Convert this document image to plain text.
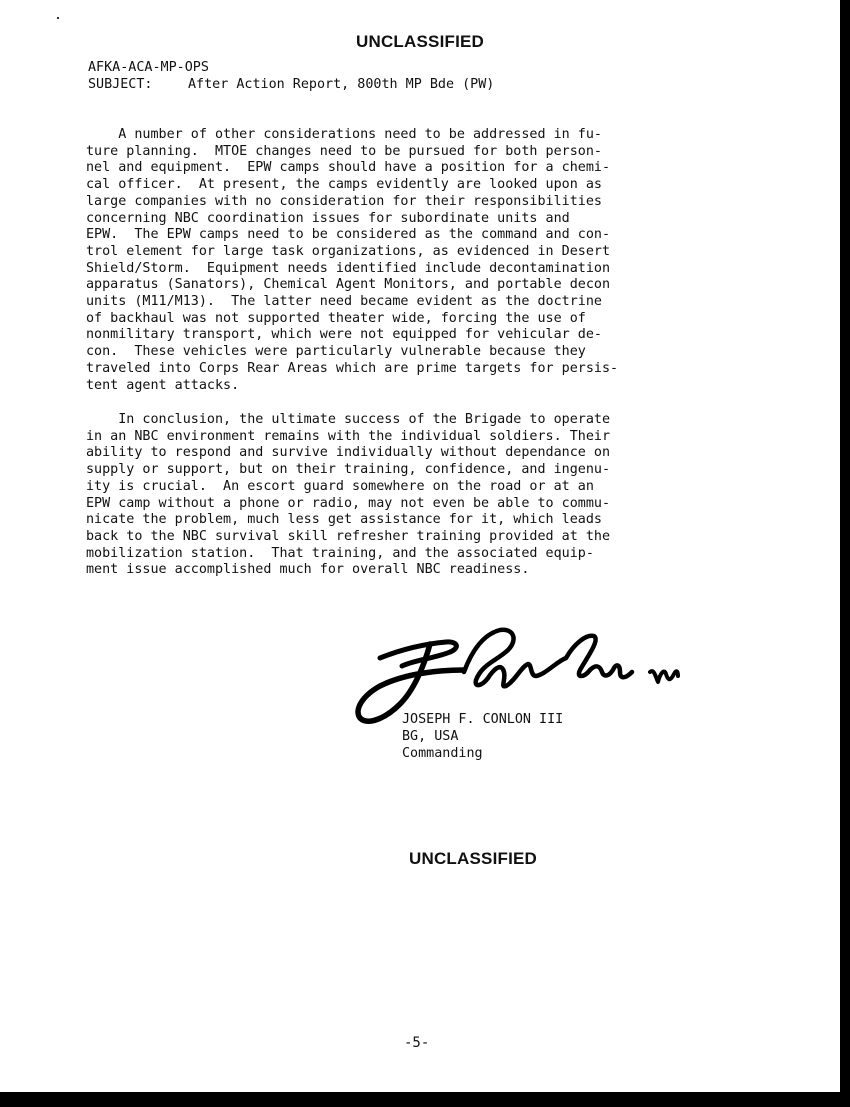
UNCLASSIFIED
AFKA-ACA-MP-OPS
SUBJECT:	After Action Report, 800th MP Bde (PW)
A number of other considerations need to be addressed in fu-
ture planning.  MTOE changes need to be pursued for both person-
nel and equipment.  EPW camps should have a position for a chemi-
cal officer.  At present, the camps evidently are looked upon as
large companies with no consideration for their responsibilities
concerning NBC coordination issues for subordinate units and
EPW.  The EPW camps need to be considered as the command and con-
trol element for large task organizations, as evidenced in Desert
Shield/Storm.  Equipment needs identified include decontamination
apparatus (Sanators), Chemical Agent Monitors, and portable decon
units (M11/M13).  The latter need became evident as the doctrine
of backhaul was not supported theater wide, forcing the use of
nonmilitary transport, which were not equipped for vehicular de-
con.  These vehicles were particularly vulnerable because they
traveled into Corps Rear Areas which are prime targets for persis-
tent agent attacks.
In conclusion, the ultimate success of the Brigade to operate
in an NBC environment remains with the individual soldiers. Their
ability to respond and survive individually without dependance on
supply or support, but on their training, confidence, and ingenu-
ity is crucial.  An escort guard somewhere on the road or at an
EPW camp without a phone or radio, may not even be able to commu-
nicate the problem, much less get assistance for it, which leads
back to the NBC survival skill refresher training provided at the
mobilization station.  That training, and the associated equip-
ment issue accomplished much for overall NBC readiness.
JOSEPH F. CONLON III
BG, USA
Commanding
UNCLASSIFIED
-5-
